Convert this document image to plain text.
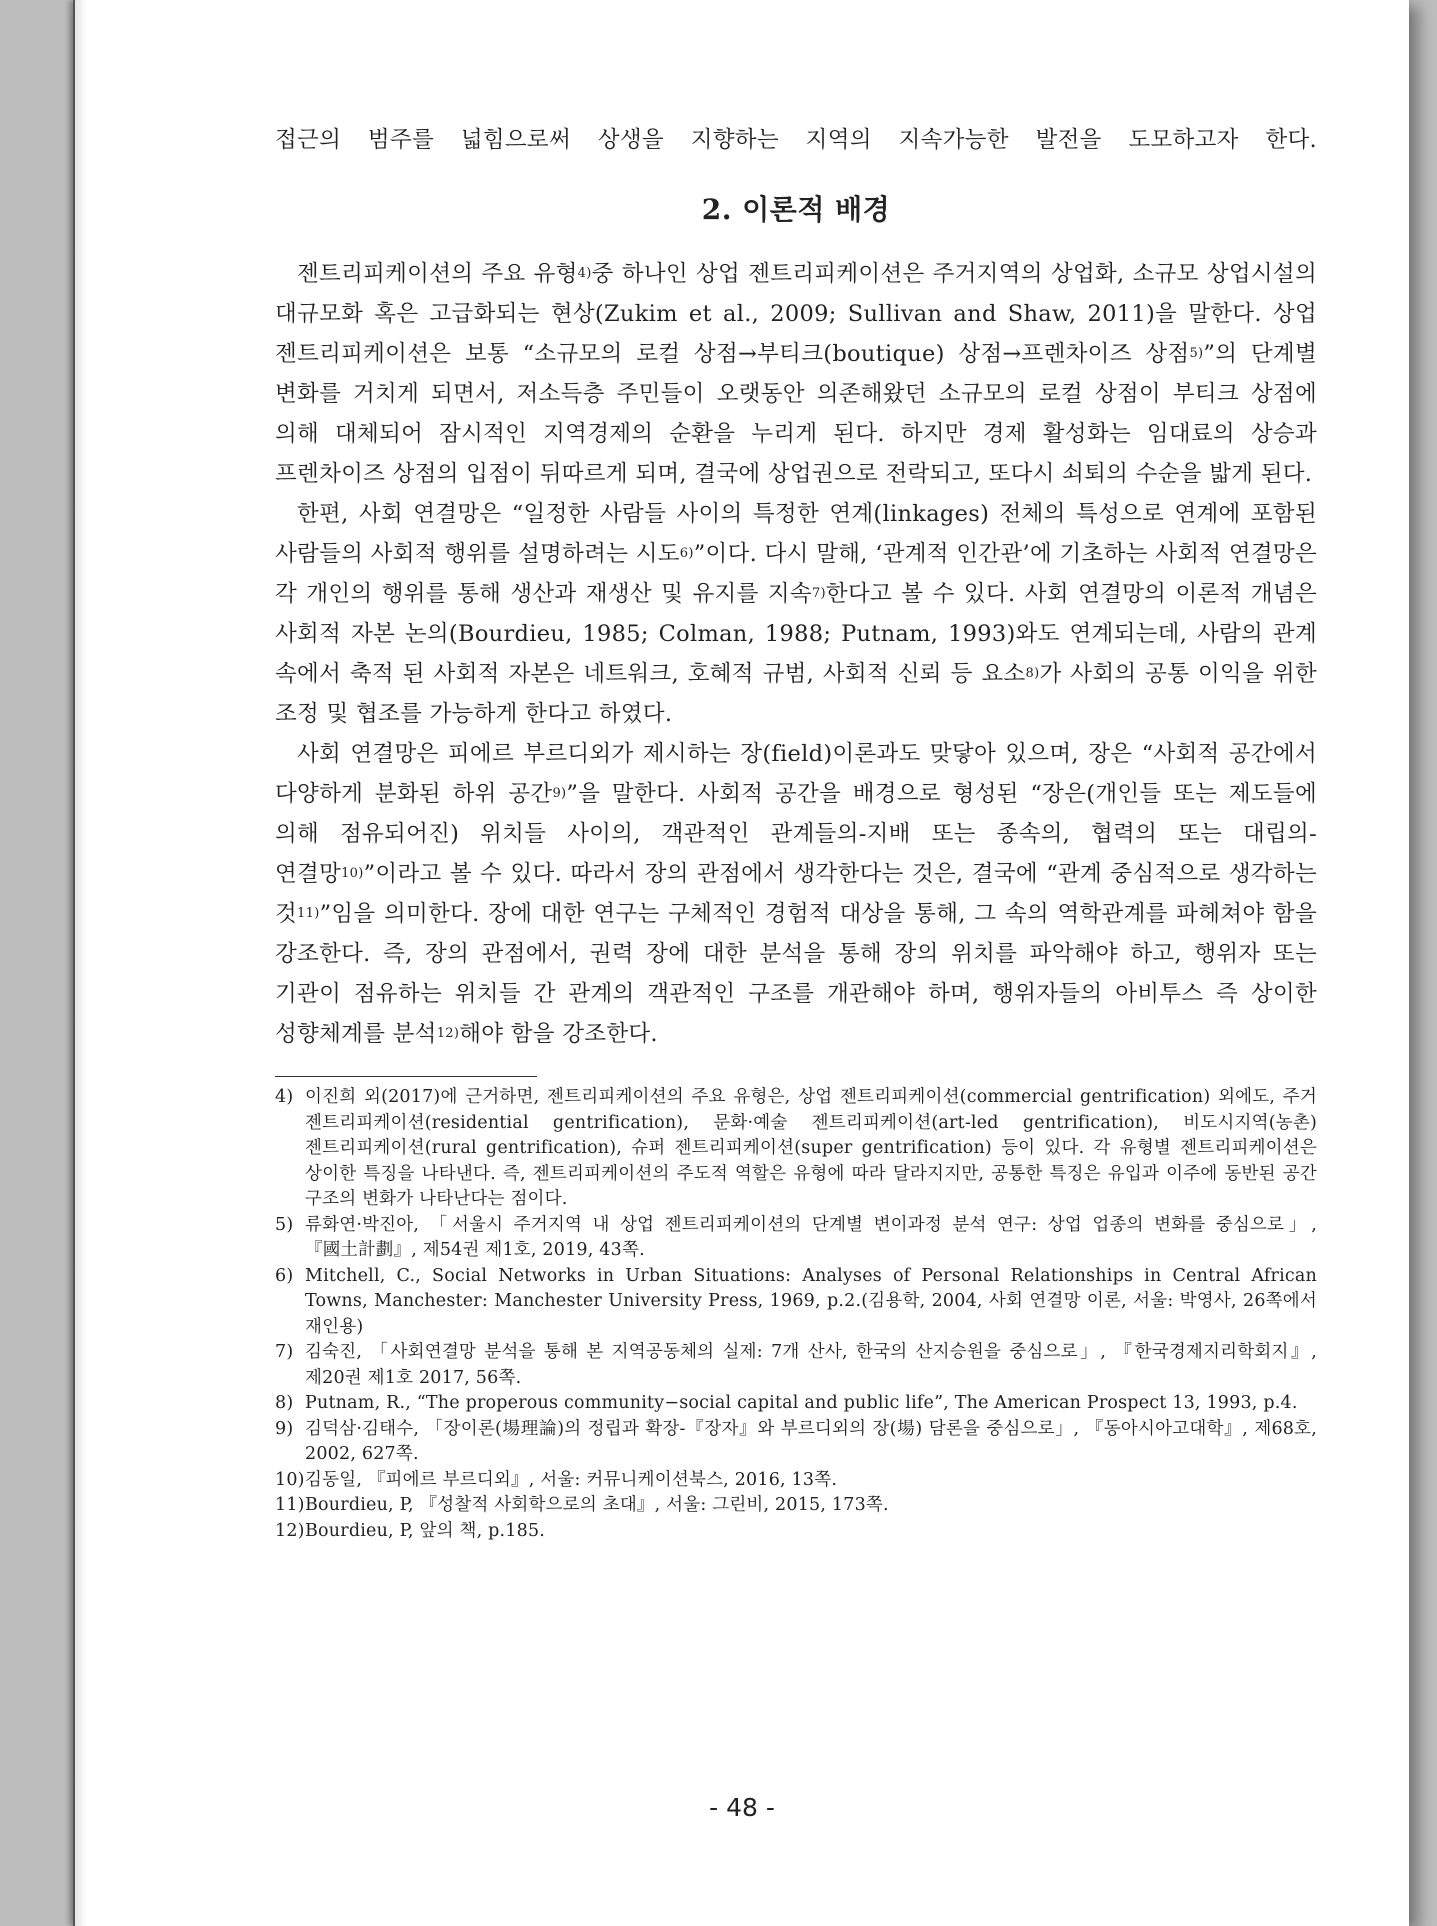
접근의 범주를 넓힘으로써 상생을 지향하는 지역의 지속가능한 발전을 도모하고자 한다.

2. 이론적 배경

젠트리피케이션의 주요 유형$^{4)}$중 하나인 상업 젠트리피케이션은 주거지역의 상업화, 소규모 상업시설의 대규모화 혹은 고급화되는 현상(Zukim et al., 2009; Sullivan and Shaw, 2011)을 말한다. 상업 젠트리피케이션은 보통 “소규모의 로컬 상점→부티크(boutique) 상점→프렌차이즈 상점$^{5)}$”의 단계별 변화를 거치게 되면서, 저소득층 주민들이 오랫동안 의존해왔던 소규모의 로컬 상점이 부티크 상점에 의해 대체되어 잠시적인 지역경제의 순환을 누리게 된다. 하지만 경제 활성화는 임대료의 상승과 프렌차이즈 상점의 입점이 뒤따르게 되며, 결국에 상업권으로 전락되고, 또다시 쇠퇴의 수순을 밟게 된다.

한편, 사회 연결망은 “일정한 사람들 사이의 특정한 연계(linkages) 전체의 특성으로 연계에 포함된 사람들의 사회적 행위를 설명하려는 시도$^{6)}$”이다. 다시 말해, ‘관계적 인간관’에 기초하는 사회적 연결망은 각 개인의 행위를 통해 생산과 재생산 및 유지를 지속$^{7)}$한다고 볼 수 있다. 사회 연결망의 이론적 개념은 사회적 자본 논의(Bourdieu, 1985; Colman, 1988; Putnam, 1993)와도 연계되는데, 사람의 관계 속에서 축적 된 사회적 자본은 네트워크, 호혜적 규범, 사회적 신뢰 등 요소$^{8)}$가 사회의 공통 이익을 위한 조정 및 협조를 가능하게 한다고 하였다.

사회 연결망은 피에르 부르디외가 제시하는 장(field)이론과도 맞닿아 있으며, 장은 “사회적 공간에서 다양하게 분화된 하위 공간$^{9)}$”을 말한다. 사회적 공간을 배경으로 형성된 “장은(개인들 또는 제도들에 의해 점유되어진) 위치들 사이의, 객관적인 관계들의-지배 또는 종속의, 협력의 또는 대립의-연결망$^{10)}$”이라고 볼 수 있다. 따라서 장의 관점에서 생각한다는 것은, 결국에 “관계 중심적으로 생각하는 것$^{11)}$”임을 의미한다. 장에 대한 연구는 구체적인 경험적 대상을 통해, 그 속의 역학관계를 파헤쳐야 함을 강조한다. 즉, 장의 관점에서, 권력 장에 대한 분석을 통해 장의 위치를 파악해야 하고, 행위자 또는 기관이 점유하는 위치들 간 관계의 객관적인 구조를 개관해야 하며, 행위자들의 아비투스 즉 상이한 성향체계를 분석$^{12)}$해야 함을 강조한다.

4) 이진희 외(2017)에 근거하면, 젠트리피케이션의 주요 유형은, 상업 젠트리피케이션(commercial gentrification) 외에도, 주거 젠트리피케이션(residential gentrification), 문화·예술 젠트리피케이션(art-led gentrification), 비도시지역(농촌) 젠트리피케이션(rural gentrification), 슈퍼 젠트리피케이션(super gentrification) 등이 있다. 각 유형별 젠트리피케이션은 상이한 특징을 나타낸다. 즉, 젠트리피케이션의 주도적 역할은 유형에 따라 달라지지만, 공통한 특징은 유입과 이주에 동반된 공간 구조의 변화가 나타난다는 점이다.

5) 류화연·박진아, 「서울시 주거지역 내 상업 젠트리피케이션의 단계별 변이과정 분석 연구: 상업 업종의 변화를 중심으로」, 『國土計劃』, 제54권 제1호, 2019, 43쪽.

6) Mitchell, C., Social Networks in Urban Situations: Analyses of Personal Relationships in Central African Towns, Manchester: Manchester University Press, 1969, p.2.(김용학, 2004, 사회 연결망 이론, 서울: 박영사, 26쪽에서 재인용)

7) 김숙진, 「사회연결망 분석을 통해 본 지역공동체의 실제: 7개 산사, 한국의 산지승원을 중심으로」, 『한국경제지리학회지』, 제20권 제1호 2017, 56쪽.

8) Putnam, R., “The properous community−social capital and public life”, The American Prospect 13, 1993, p.4.

9) 김덕삼·김태수, 「장이론(場理論)의 정립과 확장-『장자』와 부르디외의 장(場) 담론을 중심으로」, 『동아시아고대학』, 제68호, 2002, 627쪽.

10)김동일, 『피에르 부르디외』, 서울: 커뮤니케이션북스, 2016, 13쪽.

11)Bourdieu, P, 『성찰적 사회학으로의 초대』, 서울: 그린비, 2015, 173쪽.

12)Bourdieu, P, 앞의 책, p.185.

- 48 -
